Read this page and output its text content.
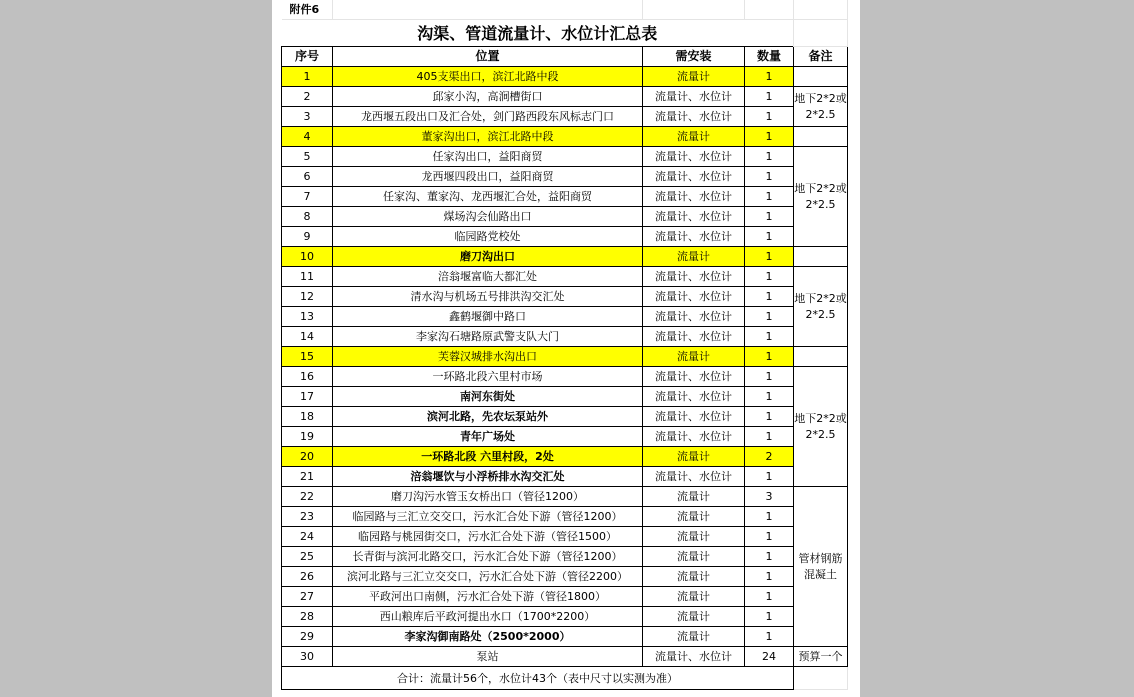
附件6				
沟渠、管道流量计、水位计汇总表				
序号	位置	需安装	数量	备注
1	405支渠出口，滨江北路中段	流量计	1	
2	邱家小沟，高涧槽街口	流量计、水位计	1	地下2*2或2*2.5
3	龙西堰五段出口及汇合处，剑门路西段东风标志门口	流量计、水位计	1	
4	董家沟出口，滨江北路中段	流量计	1	
5	任家沟出口，益阳商贸	流量计、水位计	1	地下2*2或2*2.5
6	龙西堰四段出口，益阳商贸	流量计、水位计	1	
7	任家沟、董家沟、龙西堰汇合处，益阳商贸	流量计、水位计	1	
8	煤场沟会仙路出口	流量计、水位计	1	
9	临园路党校处	流量计、水位计	1	
10	磨刀沟出口	流量计	1	
11	涪翁堰富临大都汇处	流量计、水位计	1	地下2*2或2*2.5
12	清水沟与机场五号排洪沟交汇处	流量计、水位计	1	
13	鑫鹤堰御中路口	流量计、水位计	1	
14	李家沟石塘路原武警支队大门	流量计、水位计	1	
15	芙蓉汉城排水沟出口	流量计	1	
16	一环路北段六里村市场	流量计、水位计	1	地下2*2或2*2.5
17	南河东街处	流量计、水位计	1	
18	滨河北路，先农坛泵站外	流量计、水位计	1	
19	青年广场处	流量计、水位计	1	
20	一环路北段 六里村段，2处	流量计	2	
21	涪翁堰饮与小浮桥排水沟交汇处	流量计、水位计	1	
22	磨刀沟污水管玉女桥出口（管径1200）	流量计	3	管材钢筋混凝土
23	临园路与三汇立交交口，污水汇合处下游（管径1200）	流量计	1	
24	临园路与桃园街交口，污水汇合处下游（管径1500）	流量计	1	
25	长青街与滨河北路交口，污水汇合处下游（管径1200）	流量计	1	
26	滨河北路与三汇立交交口，污水汇合处下游（管径2200）	流量计	1	
27	平政河出口南侧，污水汇合处下游（管径1800）	流量计	1	
28	西山粮库后平政河提出水口（1700*2200）	流量计	1	
29	李家沟御南路处（2500*2000）	流量计	1	
30	泵站	流量计、水位计	24	预算一个
合计：流量计56个，水位计43个（表中尺寸以实测为准）				
